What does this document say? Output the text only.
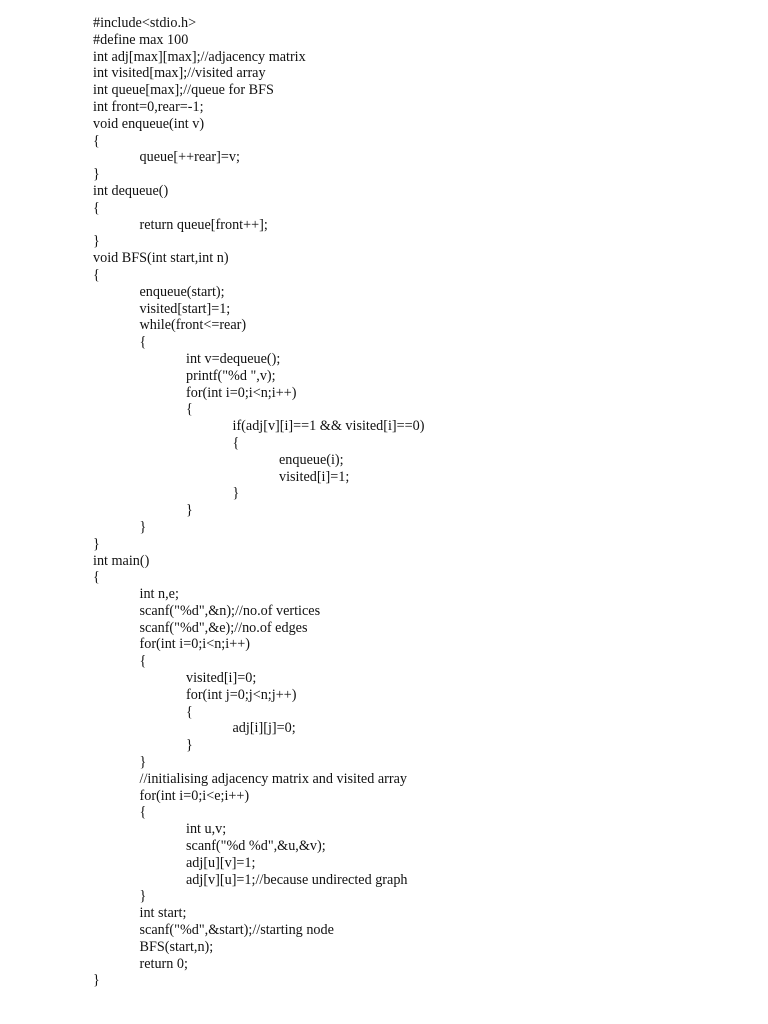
#include<stdio.h>
#define max 100
int adj[max][max];//adjacency matrix
int visited[max];//visited array
int queue[max];//queue for BFS
int front=0,rear=-1;
void enqueue(int v)
{
queue[++rear]=v;
}
int dequeue()
{
return queue[front++];
}
void BFS(int start,int n)
{
enqueue(start);
visited[start]=1;
while(front<=rear)
{
int v=dequeue();
printf("%d ",v);
for(int i=0;i<n;i++)
{
if(adj[v][i]==1 && visited[i]==0)
{
enqueue(i);
visited[i]=1;
}
}
}
}
int main()
{
int n,e;
scanf("%d",&n);//no.of vertices
scanf("%d",&e);//no.of edges
for(int i=0;i<n;i++)
{
visited[i]=0;
for(int j=0;j<n;j++)
{
adj[i][j]=0;
}
}
//initialising adjacency matrix and visited array
for(int i=0;i<e;i++)
{
int u,v;
scanf("%d %d",&u,&v);
adj[u][v]=1;
adj[v][u]=1;//because undirected graph
}
int start;
scanf("%d",&start);//starting node
BFS(start,n);
return 0;
}
